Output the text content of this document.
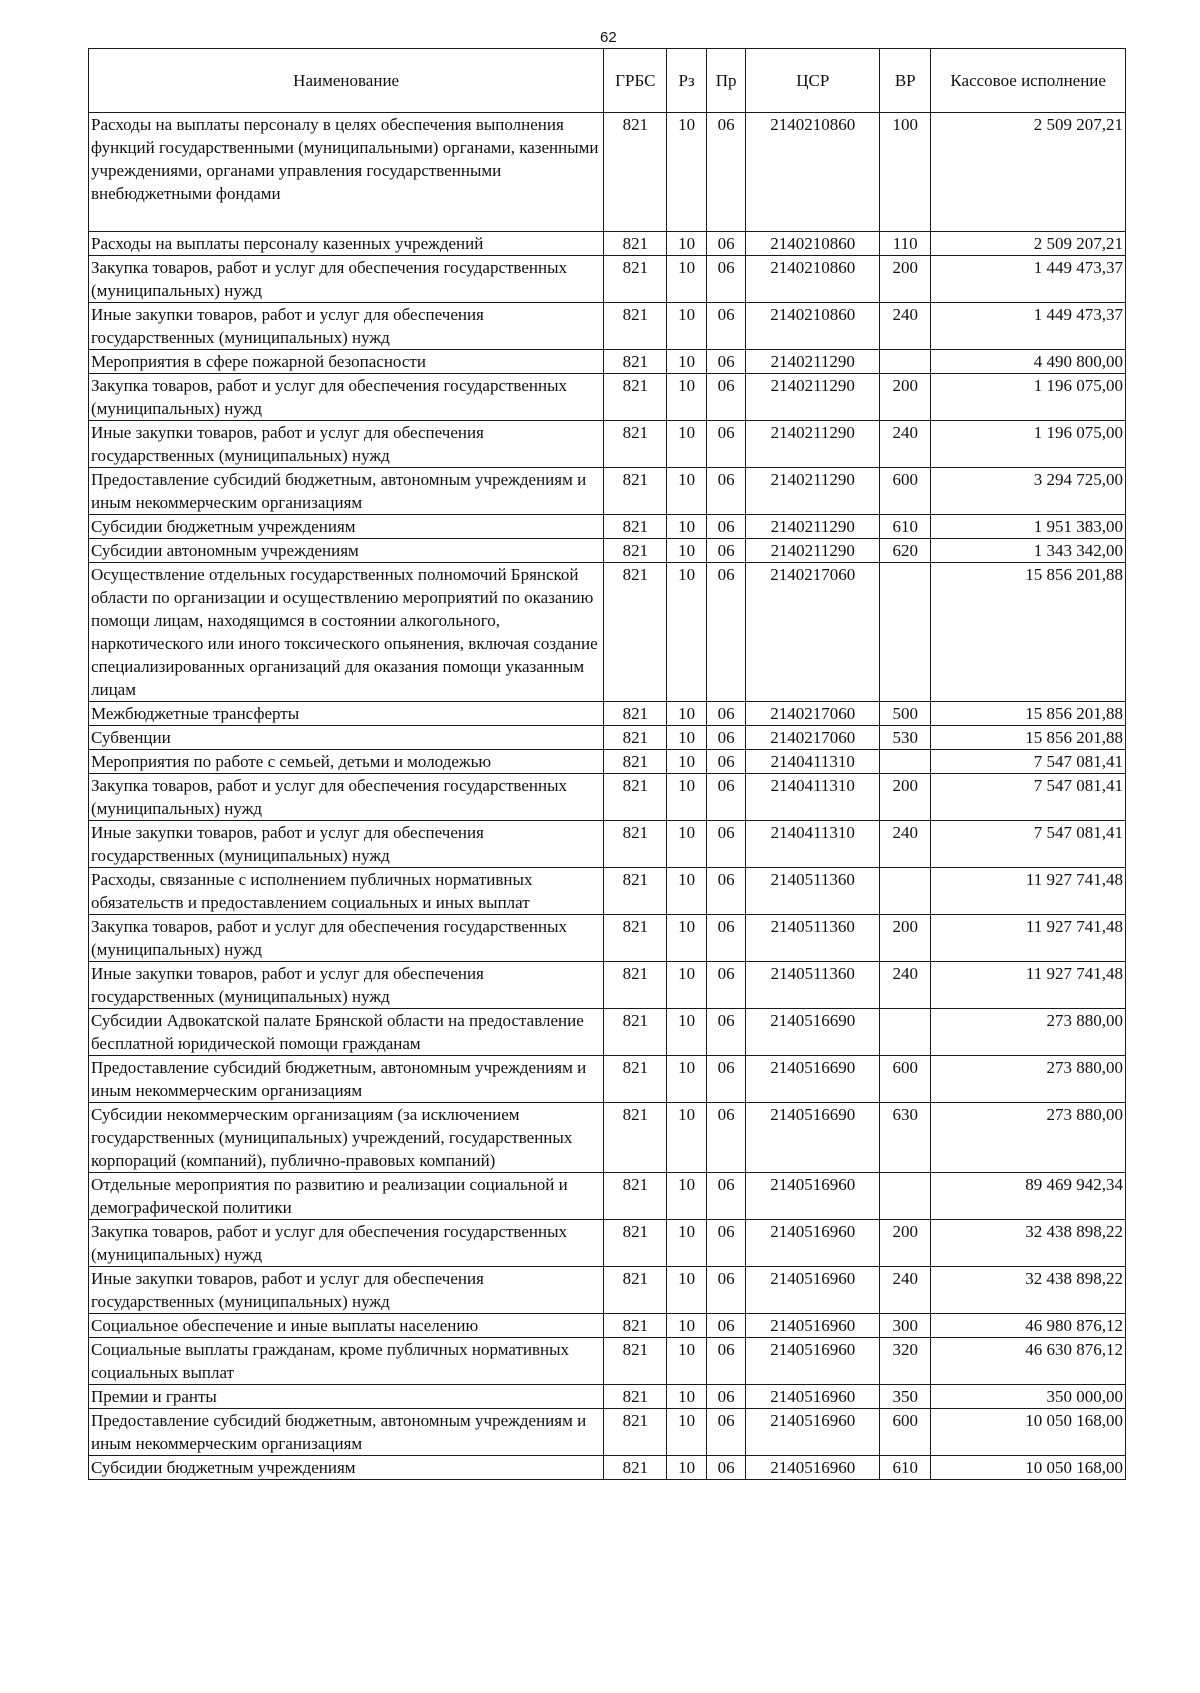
62
Наименование	ГРБС	Рз	Пр	ЦСР	ВР	Кассовое исполнение
Расходы на выплаты персоналу в целях обеспечения выполнения функций государственными (муниципальными) органами, казенными учреждениями, органами управления государственными внебюджетными фондами	821	10	06	2140210860	100	2 509 207,21
Расходы на выплаты персоналу казенных учреждений	821	10	06	2140210860	110	2 509 207,21
Закупка товаров, работ и услуг для обеспечения государственных (муниципальных) нужд	821	10	06	2140210860	200	1 449 473,37
Иные закупки товаров, работ и услуг для обеспечения государственных (муниципальных) нужд	821	10	06	2140210860	240	1 449 473,37
Мероприятия в сфере пожарной безопасности	821	10	06	2140211290		4 490 800,00
Закупка товаров, работ и услуг для обеспечения государственных (муниципальных) нужд	821	10	06	2140211290	200	1 196 075,00
Иные закупки товаров, работ и услуг для обеспечения государственных (муниципальных) нужд	821	10	06	2140211290	240	1 196 075,00
Предоставление субсидий бюджетным, автономным учреждениям и иным некоммерческим организациям	821	10	06	2140211290	600	3 294 725,00
Субсидии бюджетным учреждениям	821	10	06	2140211290	610	1 951 383,00
Субсидии автономным учреждениям	821	10	06	2140211290	620	1 343 342,00
Осуществление отдельных государственных полномочий Брянской области по организации и осуществлению мероприятий по оказанию помощи лицам, находящимся в состоянии алкогольного, наркотического или иного токсического опьянения, включая создание специализированных организаций для оказания помощи указанным лицам	821	10	06	2140217060		15 856 201,88
Межбюджетные трансферты	821	10	06	2140217060	500	15 856 201,88
Субвенции	821	10	06	2140217060	530	15 856 201,88
Мероприятия по работе с семьей, детьми и молодежью	821	10	06	2140411310		7 547 081,41
Закупка товаров, работ и услуг для обеспечения государственных (муниципальных) нужд	821	10	06	2140411310	200	7 547 081,41
Иные закупки товаров, работ и услуг для обеспечения государственных (муниципальных) нужд	821	10	06	2140411310	240	7 547 081,41
Расходы, связанные с исполнением публичных нормативных обязательств и предоставлением социальных и иных выплат	821	10	06	2140511360		11 927 741,48
Закупка товаров, работ и услуг для обеспечения государственных (муниципальных) нужд	821	10	06	2140511360	200	11 927 741,48
Иные закупки товаров, работ и услуг для обеспечения государственных (муниципальных) нужд	821	10	06	2140511360	240	11 927 741,48
Субсидии Адвокатской палате Брянской области на предоставление бесплатной юридической помощи гражданам	821	10	06	2140516690		273 880,00
Предоставление субсидий бюджетным, автономным учреждениям и иным некоммерческим организациям	821	10	06	2140516690	600	273 880,00
Субсидии некоммерческим организациям (за исключением государственных (муниципальных) учреждений, государственных корпораций (компаний), публично-правовых компаний)	821	10	06	2140516690	630	273 880,00
Отдельные мероприятия по развитию и реализации социальной и демографической политики	821	10	06	2140516960		89 469 942,34
Закупка товаров, работ и услуг для обеспечения государственных (муниципальных) нужд	821	10	06	2140516960	200	32 438 898,22
Иные закупки товаров, работ и услуг для обеспечения государственных (муниципальных) нужд	821	10	06	2140516960	240	32 438 898,22
Социальное обеспечение и иные выплаты населению	821	10	06	2140516960	300	46 980 876,12
Социальные выплаты гражданам, кроме публичных нормативных социальных выплат	821	10	06	2140516960	320	46 630 876,12
Премии и гранты	821	10	06	2140516960	350	350 000,00
Предоставление субсидий бюджетным, автономным учреждениям и иным некоммерческим организациям	821	10	06	2140516960	600	10 050 168,00
Субсидии бюджетным учреждениям	821	10	06	2140516960	610	10 050 168,00
